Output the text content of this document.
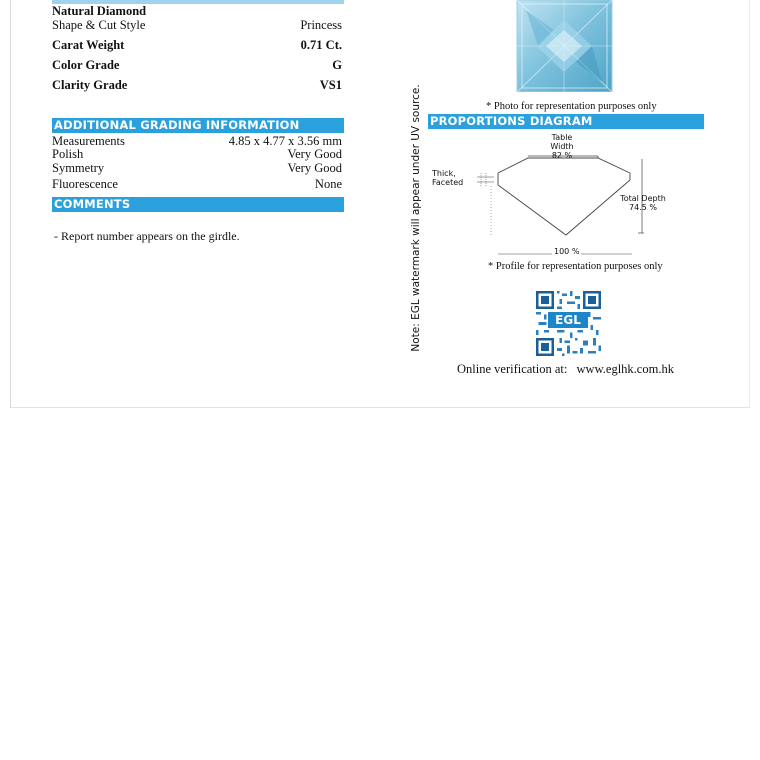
Natural Diamond
Shape & Cut Style	Princess
Carat Weight	0.71 Ct.
Color Grade	G
Clarity Grade	VS1
ADDITIONAL GRADING INFORMATION
Measurements	4.85 x 4.77 x 3.56 mm
Polish	Very Good
Symmetry	Very Good
Fluorescence	None
COMMENTS
- Report number appears on the girdle.	Note: EGL watermark will appear under UV source.	* Photo for representation purposes only
PROPORTIONS DIAGRAM
Table Width
82 %
Thick,
Faceted
Total Depth
74.5 %
100 %
* Profile for representation purposes only
EGL
Online verification at: www.eglhk.com.hk
